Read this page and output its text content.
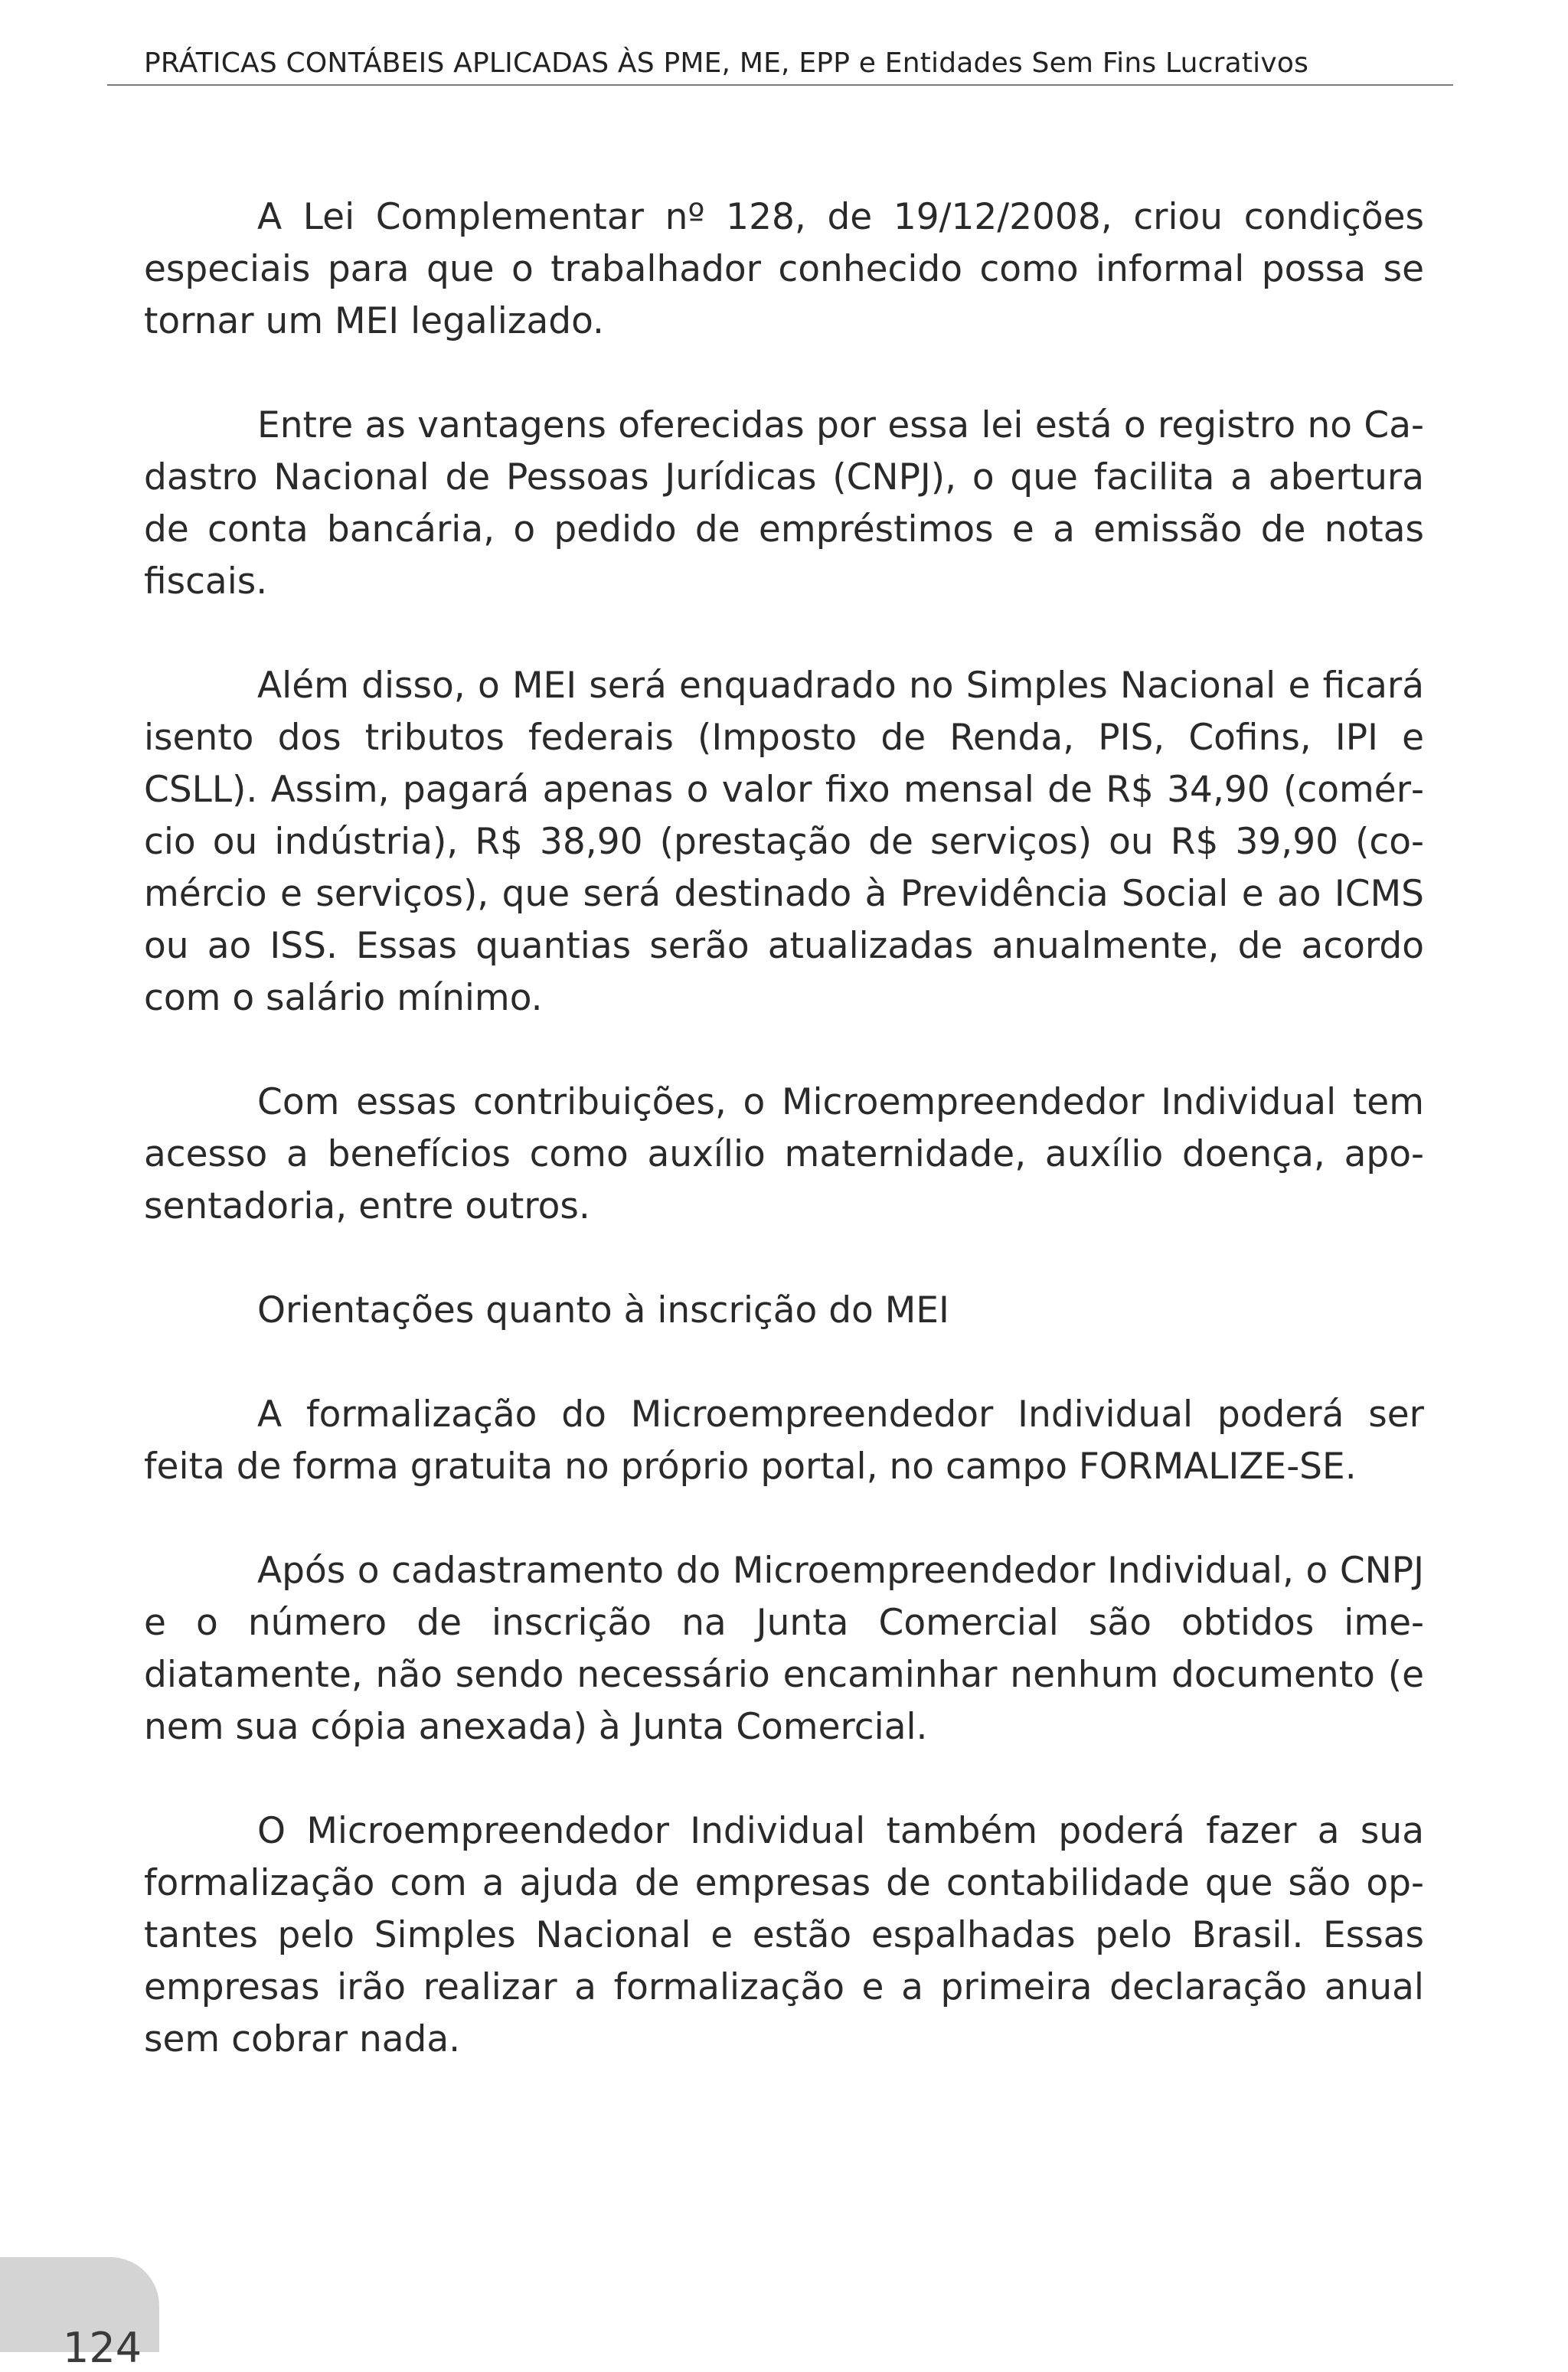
PRÁTICAS CONTÁBEIS APLICADAS ÀS PME, ME, EPP e Entidades Sem Fins Lucrativos

A Lei Complementar nº 128, de 19/12/2008, criou condições especiais para que o trabalhador conhecido como informal possa se tornar um MEI legalizado.

Entre as vantagens oferecidas por essa lei está o registro no Cadastro Nacional de Pessoas Jurídicas (CNPJ), o que facilita a abertura de conta bancária, o pedido de empréstimos e a emissão de notas fiscais.

Além disso, o MEI será enquadrado no Simples Nacional e ficará isento dos tributos federais (Imposto de Renda, PIS, Cofins, IPI e CSLL). Assim, pagará apenas o valor fixo mensal de R$ 34,90 (comércio ou indústria), R$ 38,90 (prestação de serviços) ou R$ 39,90 (comércio e serviços), que será destinado à Previdência Social e ao ICMS ou ao ISS. Essas quantias serão atualizadas anualmente, de acordo com o salário mínimo.

Com essas contribuições, o Microempreendedor Individual tem acesso a benefícios como auxílio maternidade, auxílio doença, aposentadoria, entre outros.

Orientações quanto à inscrição do MEI

A formalização do Microempreendedor Individual poderá ser feita de forma gratuita no próprio portal, no campo FORMALIZE-SE.

Após o cadastramento do Microempreendedor Individual, o CNPJ e o número de inscrição na Junta Comercial são obtidos imediatamente, não sendo necessário encaminhar nenhum documento (e nem sua cópia anexada) à Junta Comercial.

O Microempreendedor Individual também poderá fazer a sua formalização com a ajuda de empresas de contabilidade que são optantes pelo Simples Nacional e estão espalhadas pelo Brasil. Essas empresas irão realizar a formalização e a primeira declaração anual sem cobrar nada.

124
